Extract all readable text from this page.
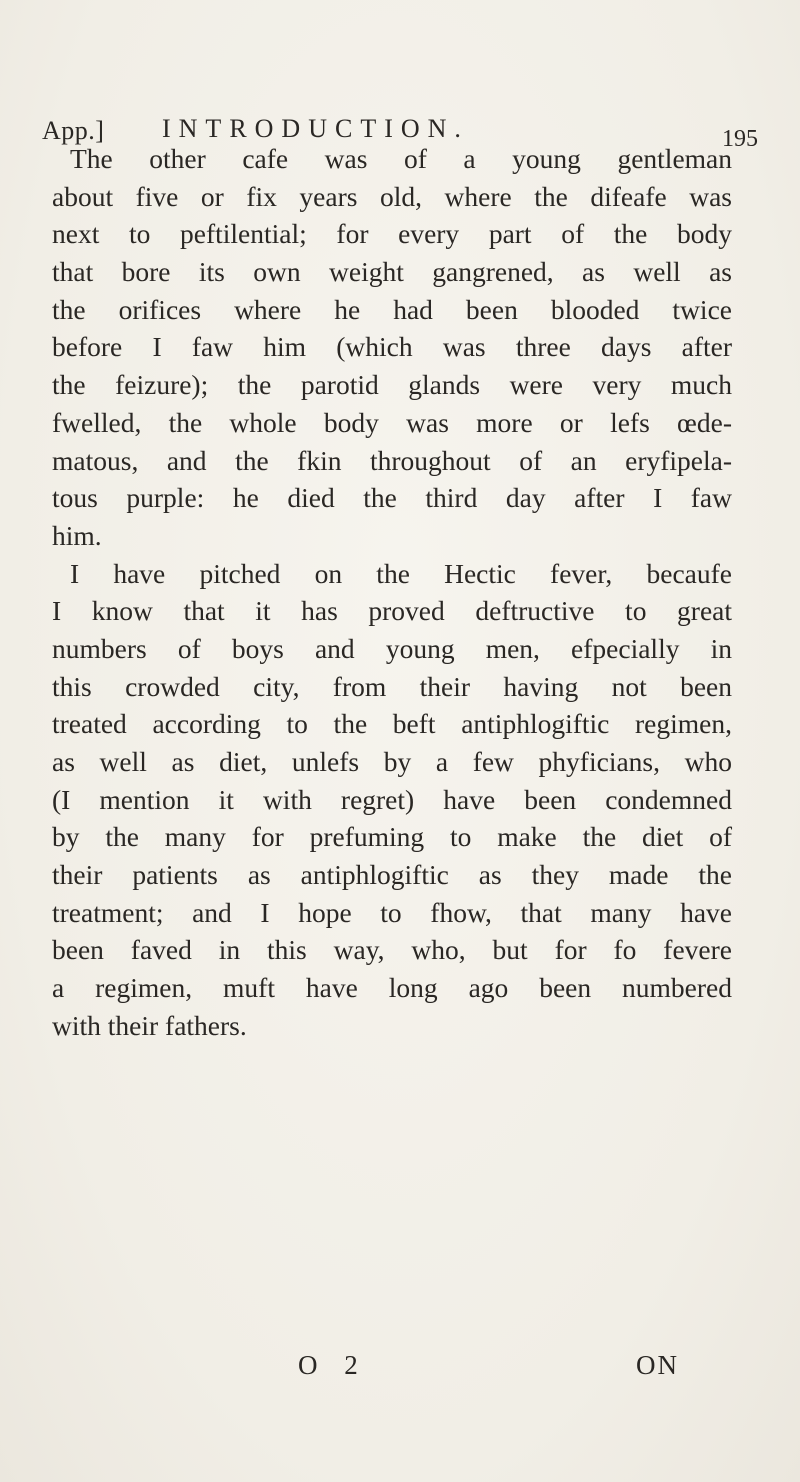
App.] INTRODUCTION.	195
The other cafe was of a young gentleman
about five or fix years old, where the difeafe was
next to peftilential; for every part of the body
that bore its own weight gangrened, as well as
the orifices where he had been blooded twice
before I faw him (which was three days after
the feizure); the parotid glands were very much
fwelled, the whole body was more or lefs œde-
matous, and the fkin throughout of an eryfipela-
tous purple: he died the third day after I faw
him.
I have pitched on the Hectic fever, becaufe
I know that it has proved deftructive to great
numbers of boys and young men, efpecially in
this crowded city, from their having not been
treated according to the beft antiphlogiftic regimen,
as well as diet, unlefs by a few phyficians, who
(I mention it with regret) have been condemned
by the many for prefuming to make the diet of
their patients as antiphlogiftic as they made the
treatment; and I hope to fhow, that many have
been faved in this way, who, but for fo fevere
a regimen, muft have long ago been numbered
with their fathers.
O 2	ON
